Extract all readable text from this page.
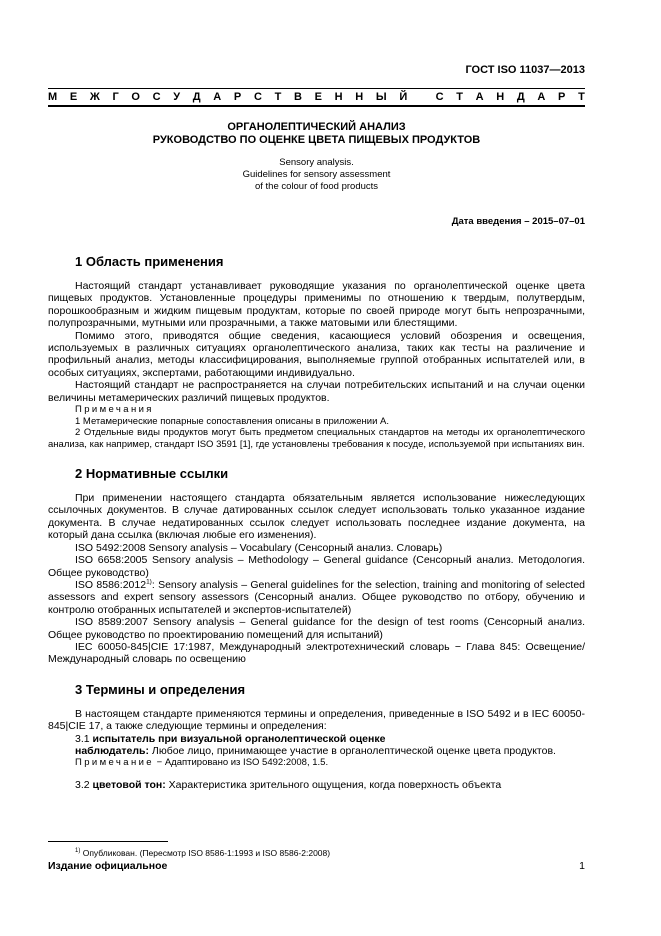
ГОСТ ISO 11037—2013
М Е Ж Г О С У Д А Р С Т В Е Н Н Ы Й
	С Т А Н Д А Р Т
ОРГАНОЛЕПТИЧЕСКИЙ АНАЛИЗ
РУКОВОДСТВО ПО ОЦЕНКЕ ЦВЕТА ПИЩЕВЫХ ПРОДУКТОВ
Sensory analysis.
Guidelines for sensory assessment
of the colour of food products
Дата введения – 2015–07–01
1 Область применения

Настоящий стандарт устанавливает руководящие указания по органолептической оценке цвета пищевых продуктов. Установленные процедуры применимы по отношению к твердым, полутвердым, порошкообразным и жидким пищевым продуктам, которые по своей природе могут быть непрозрачными, полупрозрачными, мутными или прозрачными, а также матовыми или блестящими.

Помимо этого, приводятся общие сведения, касающиеся условий обозрения и освещения, используемых в различных ситуациях органолептического анализа, таких как тесты на различение и профильный анализ, методы классифицирования, выполняемые группой отобранных испытателей или, в особых ситуациях, экспертами, работающими индивидуально.

Настоящий стандарт не распространяется на случаи потребительских испытаний и на случаи оценки величины метамерических различий пищевых продуктов.

Примечания
1 Метамерические попарные сопоставления описаны в приложении А.
2 Отдельные виды продуктов могут быть предметом специальных стандартов на методы их органолептического анализа, как например, стандарт ISO 3591 [1], где установлены требования к посуде, используемой при испытаниях вин.
2 Нормативные ссылки

При применении настоящего стандарта обязательным является использование нижеследующих ссылочных документов. В случае датированных ссылок следует использовать только указанное издание документа. В случае недатированных ссылок следует использовать последнее издание документа, на который дана ссылка (включая любые его изменения).

ISO 5492:2008 Sensory analysis – Vocabulary (Сенсорный анализ. Словарь)

ISO 6658:2005 Sensory analysis – Methodology – General guidance (Сенсорный анализ. Методология. Общее руководство)

ISO 8586:2012$^{1)}$: Sensory analysis – General guidelines for the selection, training and monitoring of selected assessors and expert sensory assessors (Сенсорный анализ. Общее руководство по отбору, обучению и контролю отобранных испытателей и экспертов-испытателей)

ISO 8589:2007 Sensory analysis – General guidance for the design of test rooms (Сенсорный анализ. Общее руководство по проектированию помещений для испытаний)

IEC 60050-845|CIE 17:1987, Международный электротехнический словарь − Глава 845: Освещение/Международный словарь по освещению

3 Термины и определения

В настоящем стандарте применяются термины и определения, приведенные в ISO 5492 и в IEC 60050-845|CIE 17, а также следующие термины и определения:

3.1 испытатель при визуальной органолептической оценке
наблюдатель: Любое лицо, принимающее участие в органолептической оценке цвета продуктов.
Примечание − Адаптировано из ISO 5492:2008, 1.5.
3.2 цветовой тон: Характеристика зрительного ощущения, когда поверхность объекта
$^{1)}$ Опубликован. (Пересмотр ISO 8586-1:1993 и ISO 8586-2:2008)
Издание официальное	1
